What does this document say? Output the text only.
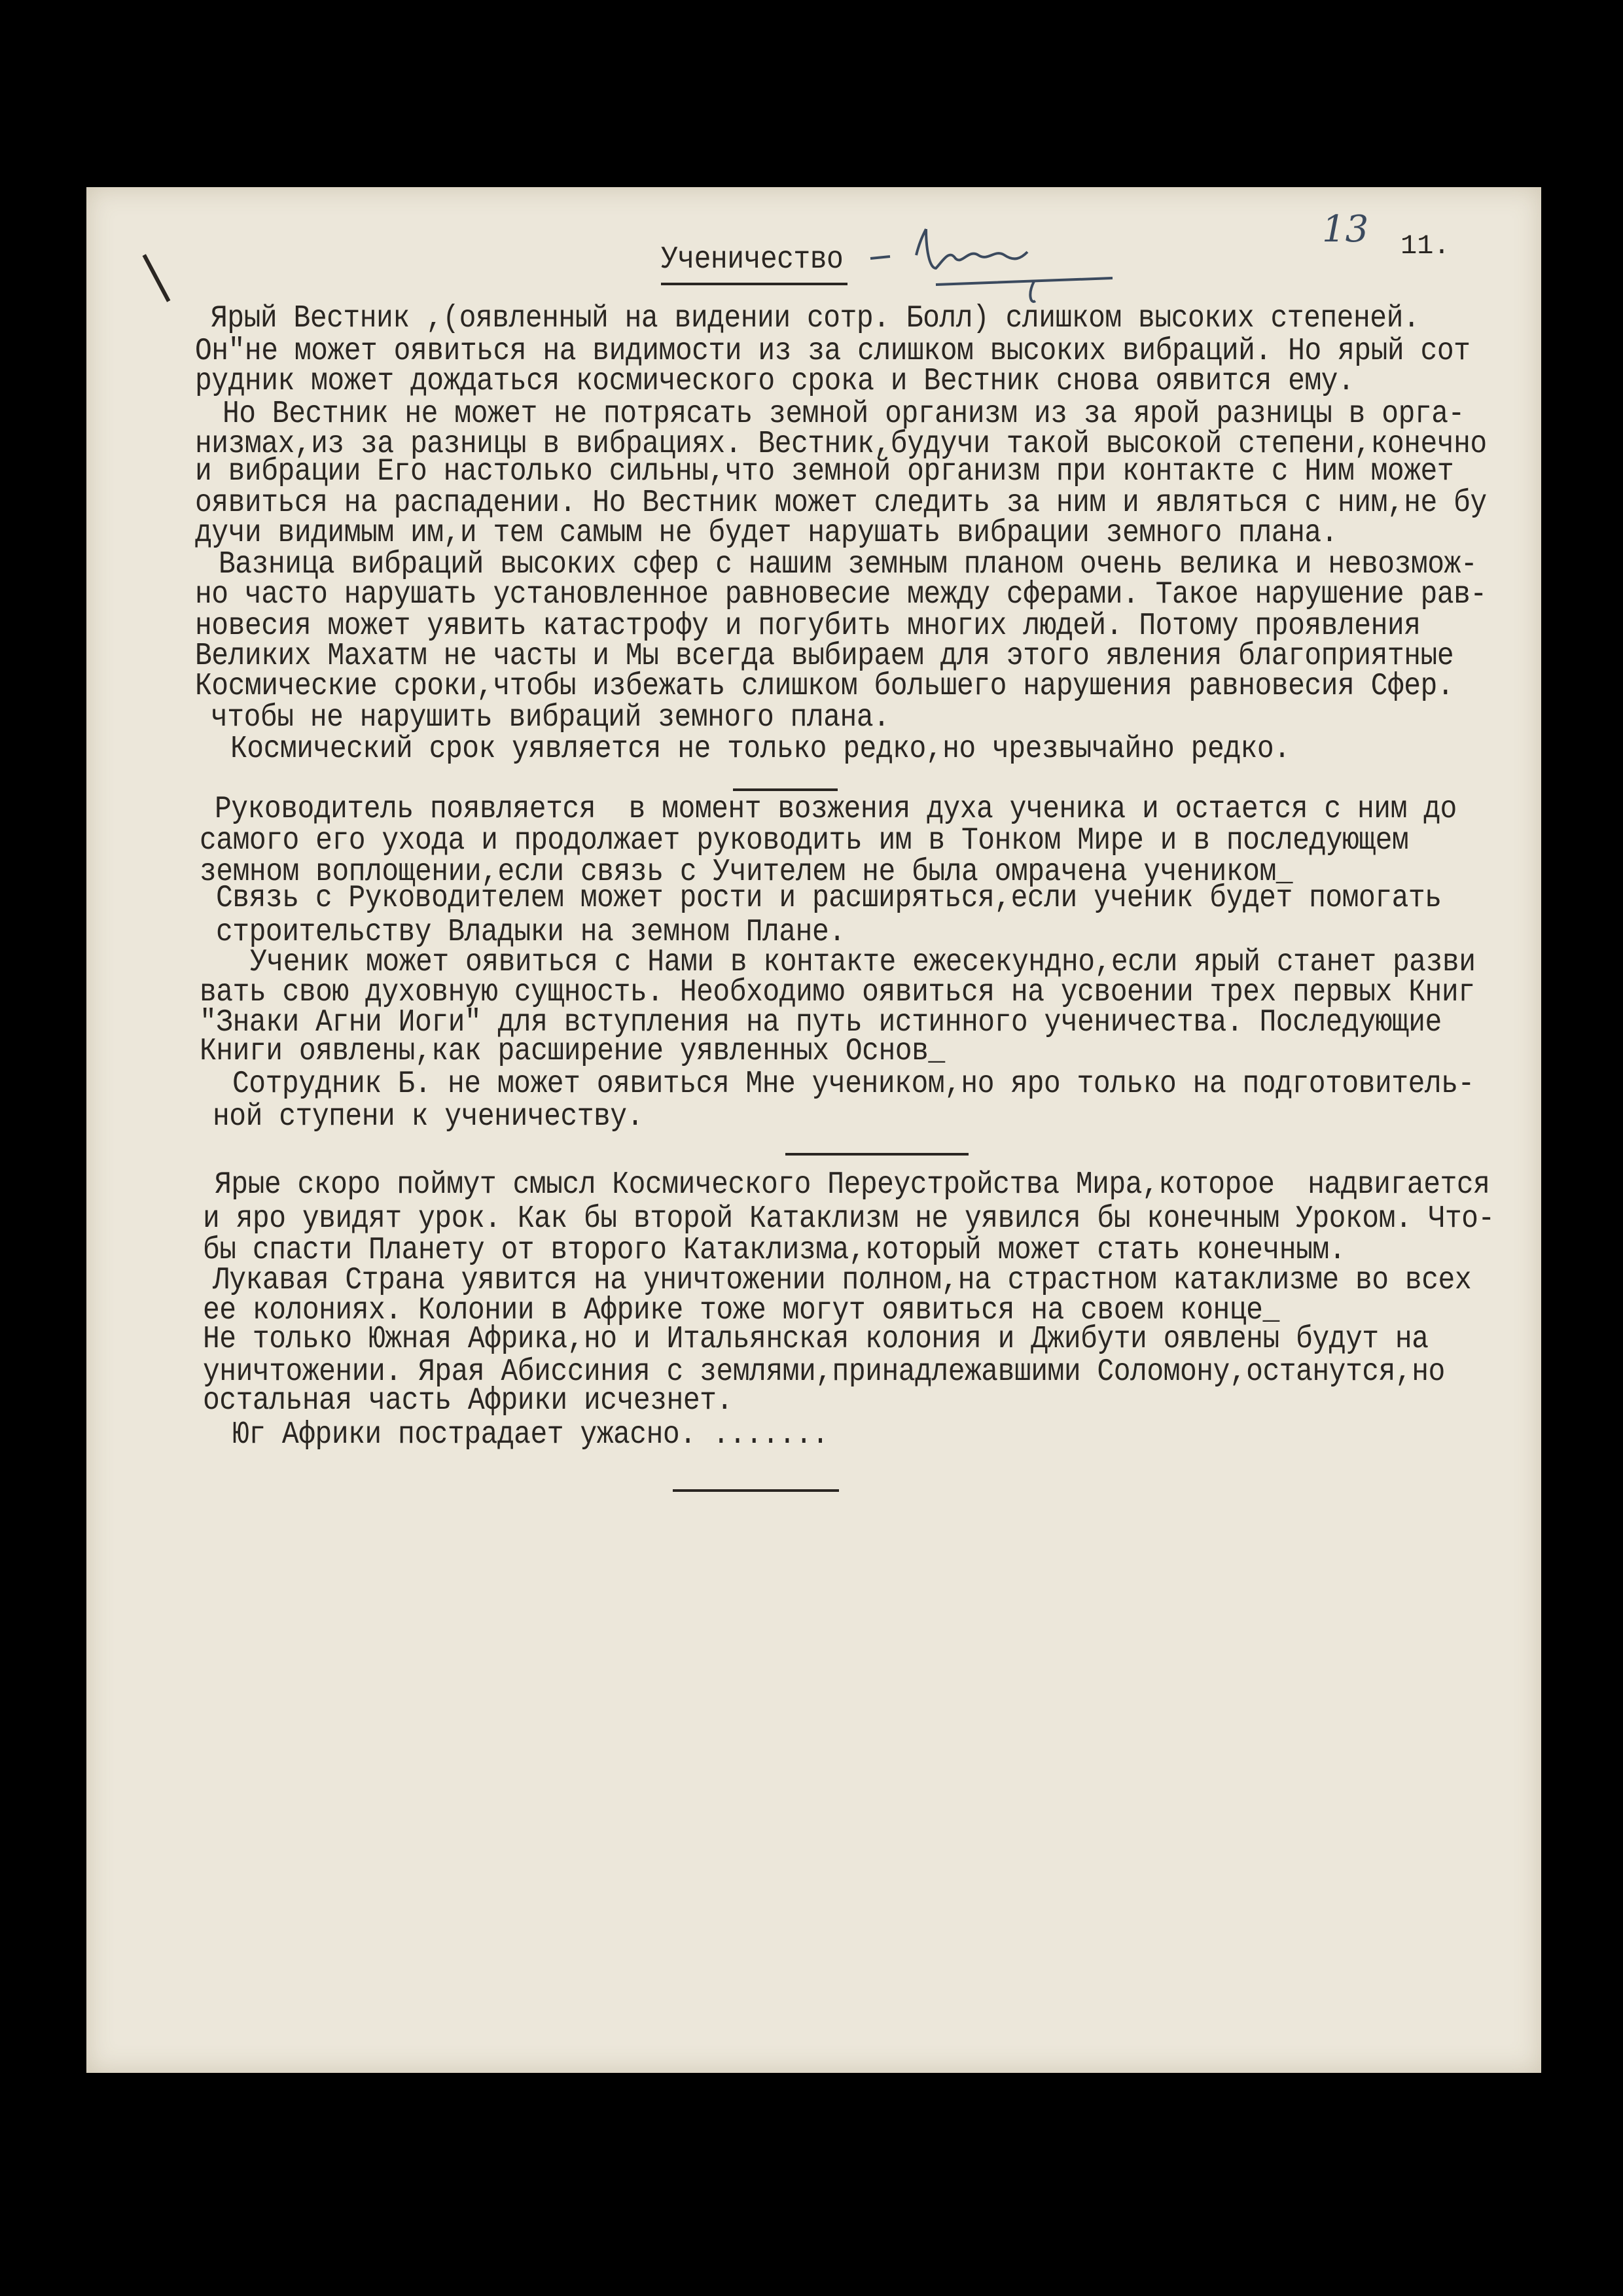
Ученичество	11.
13
Ярый Вестник ,(оявленный на видении сотр. Болл) слишком высоких степеней.
Он"не может оявиться на видимости из за слишком высоких вибраций. Но ярый сот
рудник может дождаться космического срока и Вестник снова оявится ему.
Но Вестник не может не потрясать земной организм из за ярой разницы в орга-
низмах,из за разницы в вибрациях. Вестник,будучи такой высокой степени,конечно
и вибрации Его настолько сильны,что земной организм при контакте с Ним может
оявиться на распадении. Но Вестник может следить за ним и являться с ним,не бу
дучи видимым им,и тем самым не будет нарушать вибрации земного плана.
Вазница вибраций высоких сфер с нашим земным планом очень велика и невозмож-
но часто нарушать установленное равновесие между сферами. Такое нарушение рав-
новесия может уявить катастрофу и погубить многих людей. Потому проявления
Великих Махатм не часты и Мы всегда выбираем для этого явления благоприятные
Космические сроки,чтобы избежать слишком большего нарушения равновесия Сфер.
чтобы не нарушить вибраций земного плана.
Космический срок уявляется не только редко,но чрезвычайно редко.
Руководитель появляется  в момент возжения духа ученика и остается с ним до
самого его ухода и продолжает руководить им в Тонком Мире и в последующем
земном воплощении,если связь с Учителем не была омрачена учеником_
Связь с Руководителем может рости и расширяться,если ученик будет помогать
строительству Владыки на земном Плане.
Ученик может оявиться с Нами в контакте ежесекундно,если ярый станет разви
вать свою духовную сущность. Необходимо оявиться на усвоении трех первых Книг
"Знаки Агни Иоги" для вступления на путь истинного ученичества. Последующие
Книги оявлены,как расширение уявленных Основ_
Сотрудник Б. не может оявиться Мне учеником,но яро только на подготовитель-
ной ступени к ученичеству.
Ярые скоро поймут смысл Космического Переустройства Мира,которое  надвигается
и яро увидят урок. Как бы второй Катаклизм не уявился бы конечным Уроком. Что-
бы спасти Планету от второго Катаклизма,который может стать конечным.
Лукавая Страна уявится на уничтожении полном,на страстном катаклизме во всех
ее колониях. Колонии в Африке тоже могут оявиться на своем конце_
Не только Южная Африка,но и Итальянская колония и Джибути оявлены будут на
уничтожении. Ярая Абиссиния с землями,принадлежавшими Соломону,останутся,но
остальная часть Африки исчезнет.
Юг Африки пострадает ужасно. .......
